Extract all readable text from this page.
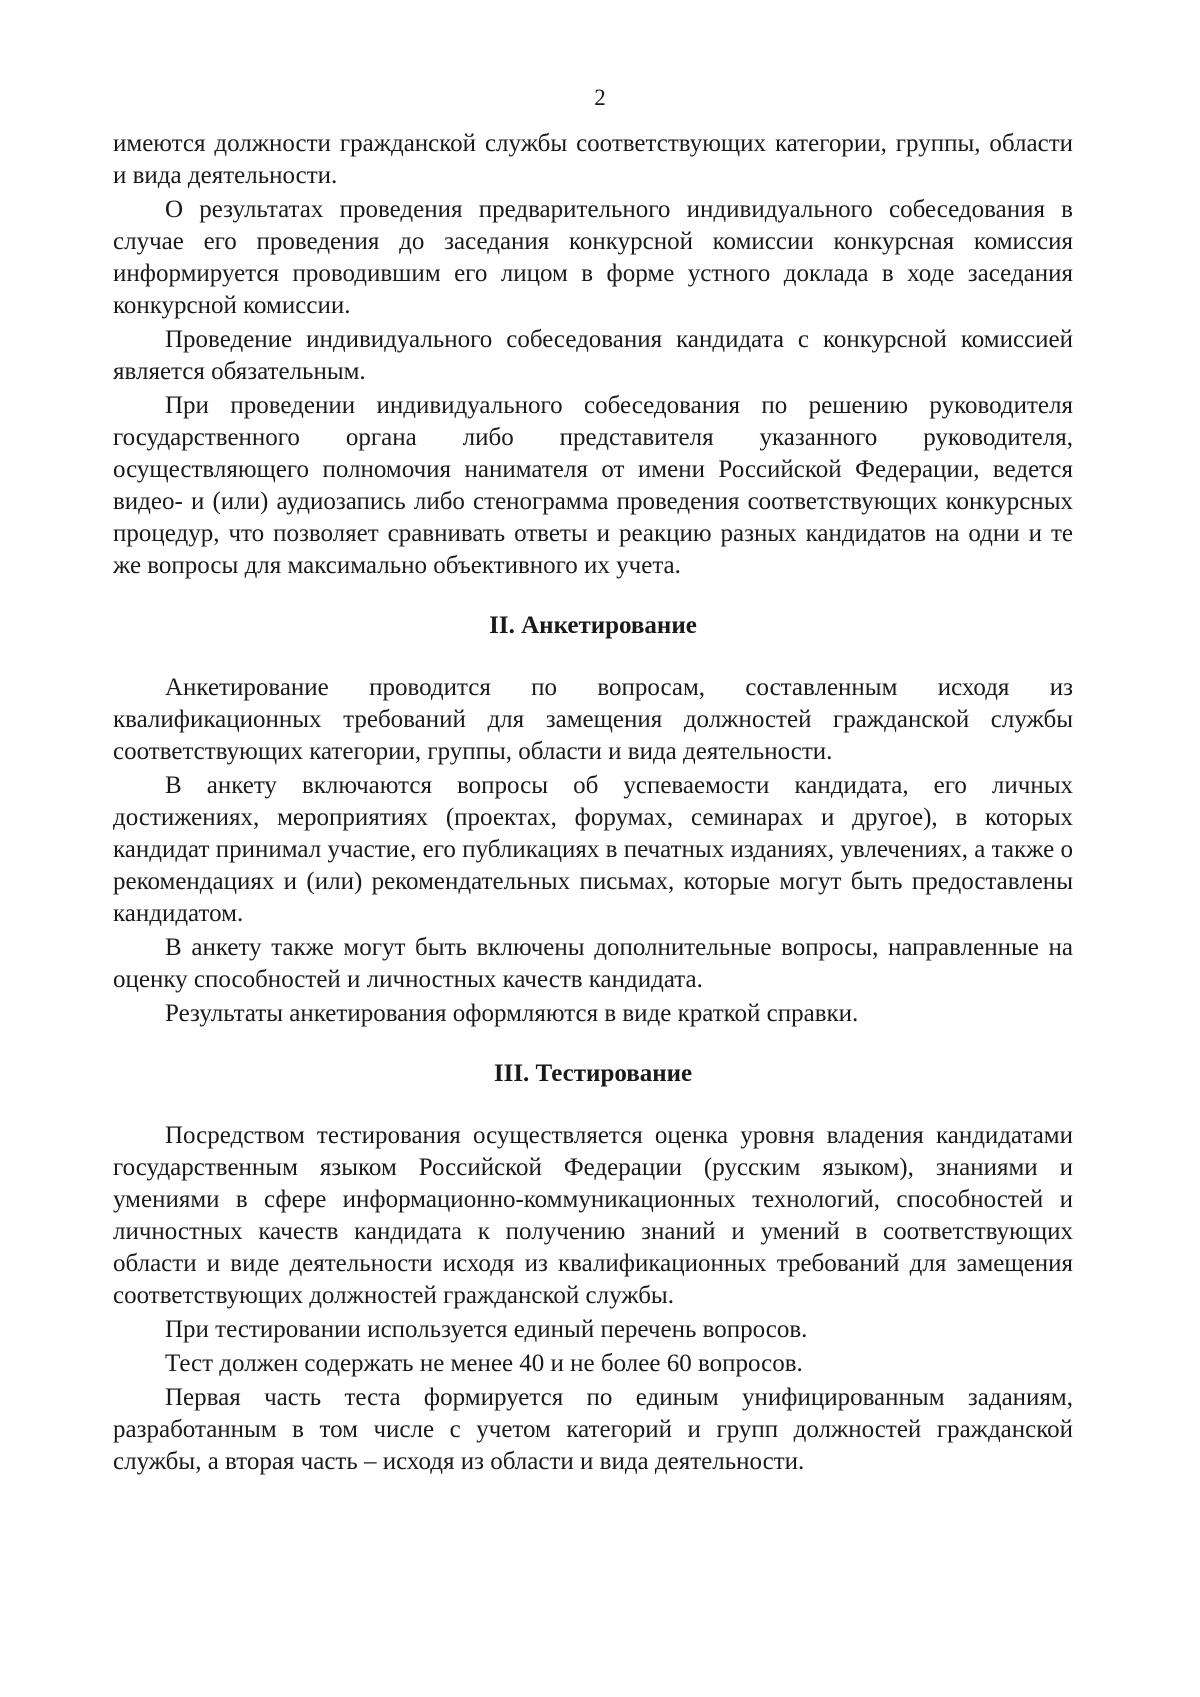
2

имеются должности гражданской службы соответствующих категории, группы, области и вида деятельности.

О результатах проведения предварительного индивидуального собеседования в случае его проведения до заседания конкурсной комиссии конкурсная комиссия информируется проводившим его лицом в форме устного доклада в ходе заседания конкурсной комиссии.

Проведение индивидуального собеседования кандидата с конкурсной комиссией является обязательным.

При проведении индивидуального собеседования по решению руководителя государственного органа либо представителя указанного руководителя, осуществляющего полномочия нанимателя от имени Российской Федерации, ведется видео- и (или) аудиозапись либо стенограмма проведения соответствующих конкурсных процедур, что позволяет сравнивать ответы и реакцию разных кандидатов на одни и те же вопросы для максимально объективного их учета.

II. Анкетирование

Анкетирование проводится по вопросам, составленным исходя из квалификационных требований для замещения должностей гражданской службы соответствующих категории, группы, области и вида деятельности.

В анкету включаются вопросы об успеваемости кандидата, его личных достижениях, мероприятиях (проектах, форумах, семинарах и другое), в которых кандидат принимал участие, его публикациях в печатных изданиях, увлечениях, а также о рекомендациях и (или) рекомендательных письмах, которые могут быть предоставлены кандидатом.

В анкету также могут быть включены дополнительные вопросы, направленные на оценку способностей и личностных качеств кандидата.

Результаты анкетирования оформляются в виде краткой справки.

III. Тестирование

Посредством тестирования осуществляется оценка уровня владения кандидатами государственным языком Российской Федерации (русским языком), знаниями и умениями в сфере информационно-коммуникационных технологий, способностей и личностных качеств кандидата к получению знаний и умений в соответствующих области и виде деятельности исходя из квалификационных требований для замещения соответствующих должностей гражданской службы.

При тестировании используется единый перечень вопросов.

Тест должен содержать не менее 40 и не более 60 вопросов.

Первая часть теста формируется по единым унифицированным заданиям, разработанным в том числе с учетом категорий и групп должностей гражданской службы, а вторая часть – исходя из области и вида деятельности.
